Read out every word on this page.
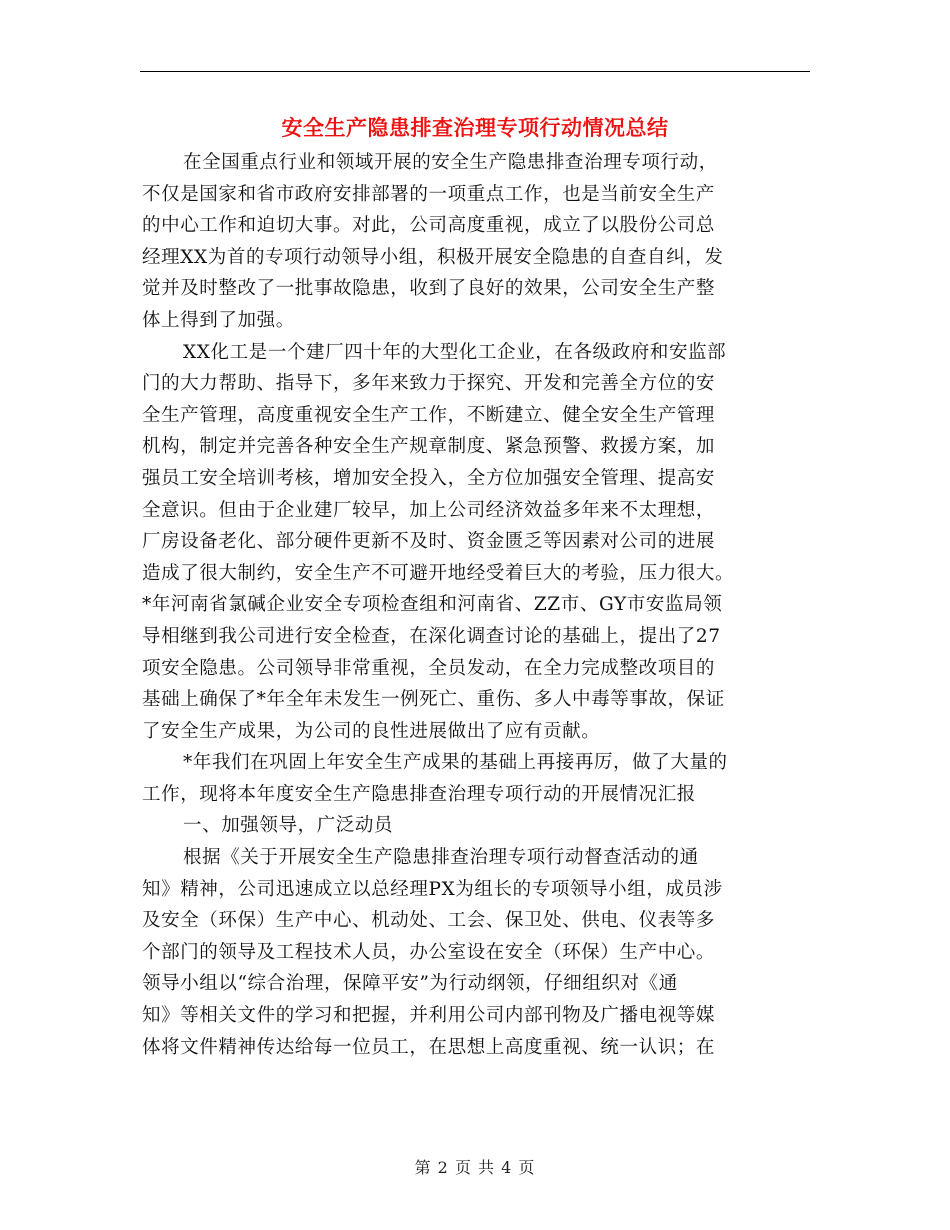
安全生产隐患排查治理专项行动情况总结
在全国重点行业和领域开展的安全生产隐患排查治理专项行动，
不仅是国家和省市政府安排部署的一项重点工作，也是当前安全生产
的中心工作和迫切大事。对此，公司高度重视，成立了以股份公司总
经理XX为首的专项行动领导小组，积极开展安全隐患的自查自纠，发
觉并及时整改了一批事故隐患，收到了良好的效果，公司安全生产整
体上得到了加强。
XX化工是一个建厂四十年的大型化工企业，在各级政府和安监部
门的大力帮助、指导下，多年来致力于探究、开发和完善全方位的安
全生产管理，高度重视安全生产工作，不断建立、健全安全生产管理
机构，制定并完善各种安全生产规章制度、紧急预警、救援方案，加
强员工安全培训考核，增加安全投入，全方位加强安全管理、提高安
全意识。但由于企业建厂较早，加上公司经济效益多年来不太理想，
厂房设备老化、部分硬件更新不及时、资金匮乏等因素对公司的进展
造成了很大制约，安全生产不可避开地经受着巨大的考验，压力很大。
*年河南省氯碱企业安全专项检查组和河南省、ZZ市、GY市安监局领
导相继到我公司进行安全检查，在深化调查讨论的基础上，提出了27
项安全隐患。公司领导非常重视，全员发动，在全力完成整改项目的
基础上确保了*年全年未发生一例死亡、重伤、多人中毒等事故，保证
了安全生产成果，为公司的良性进展做出了应有贡献。
*年我们在巩固上年安全生产成果的基础上再接再厉，做了大量的
工作，现将本年度安全生产隐患排查治理专项行动的开展情况汇报
一、加强领导，广泛动员
根据《关于开展安全生产隐患排查治理专项行动督查活动的通
知》精神，公司迅速成立以总经理PX为组长的专项领导小组，成员涉
及安全（环保）生产中心、机动处、工会、保卫处、供电、仪表等多
个部门的领导及工程技术人员，办公室设在安全（环保）生产中心。
领导小组以“综合治理，保障平安”为行动纲领，仔细组织对《通
知》等相关文件的学习和把握，并利用公司内部刊物及广播电视等媒
体将文件精神传达给每一位员工，在思想上高度重视、统一认识；在
第 2 页 共 4 页
